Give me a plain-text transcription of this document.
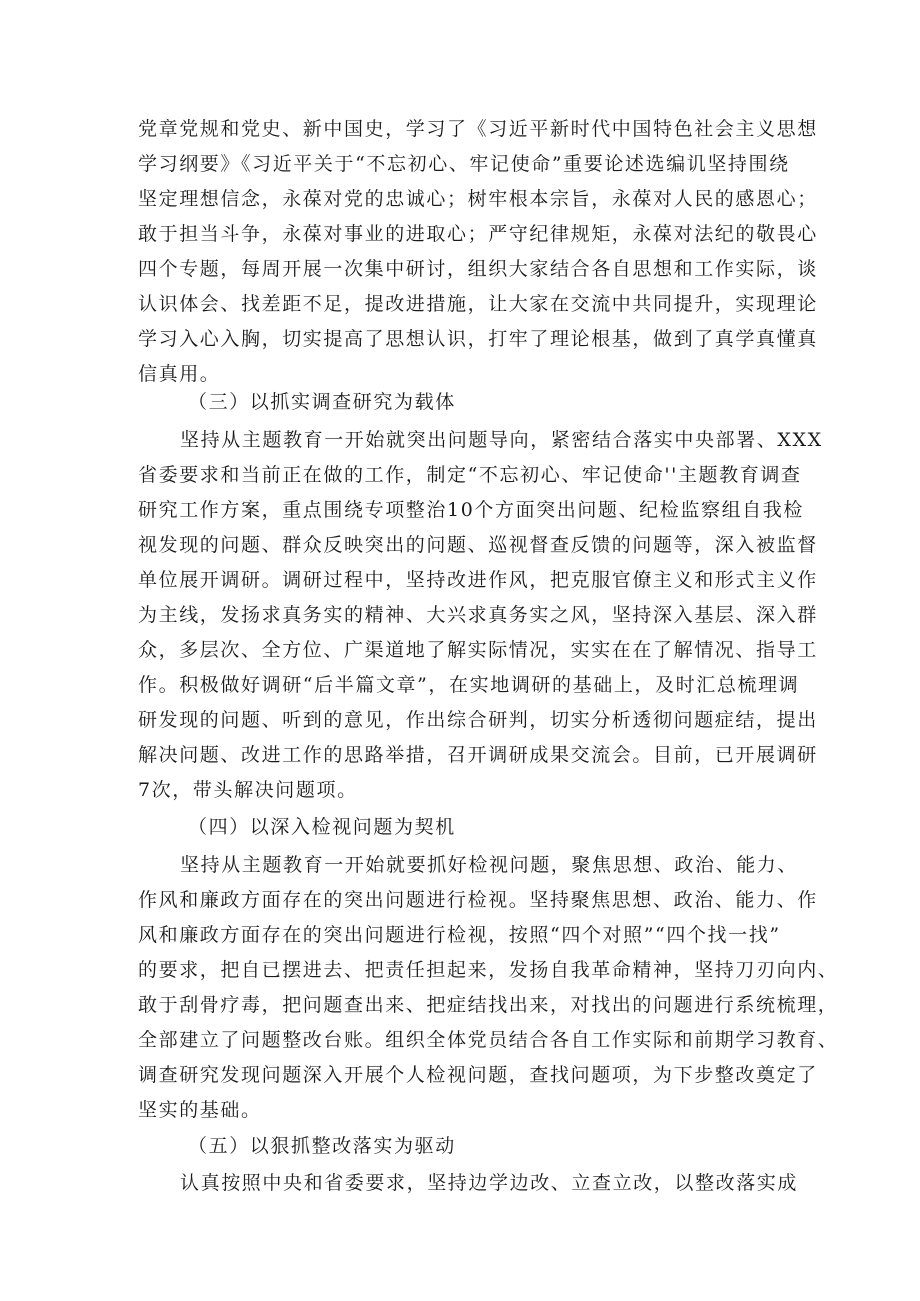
党章党规和党史、新中国史，学习了《习近平新时代中国特色社会主义思想
学习纲要》《习近平关于“不忘初心、牢记使命”重要论述选编讥坚持围绕
坚定理想信念，永葆对党的忠诚心；树牢根本宗旨，永葆对人民的感恩心；
敢于担当斗争，永葆对事业的进取心；严守纪律规矩，永葆对法纪的敬畏心
四个专题，每周开展一次集中研讨，组织大家结合各自思想和工作实际，谈
认识体会、找差距不足，提改进措施，让大家在交流中共同提升，实现理论
学习入心入胸，切实提高了思想认识，打牢了理论根基，做到了真学真懂真
信真用。
（三）以抓实调查研究为载体
坚持从主题教育一开始就突出问题导向，紧密结合落实中央部署、XXX
省委要求和当前正在做的工作，制定“不忘初心、牢记使命''主题教育调查
研究工作方案，重点围绕专项整治10个方面突出问题、纪检监察组自我检
视发现的问题、群众反映突出的问题、巡视督查反馈的问题等，深入被监督
单位展开调研。调研过程中，坚持改进作风，把克服官僚主义和形式主义作
为主线，发扬求真务实的精神、大兴求真务实之风，坚持深入基层、深入群
众，多层次、全方位、广渠道地了解实际情况，实实在在了解情况、指导工
作。积极做好调研“后半篇文章”，在实地调研的基础上，及时汇总梳理调
研发现的问题、听到的意见，作出综合研判，切实分析透彻问题症结，提出
解决问题、改进工作的思路举措，召开调研成果交流会。目前，已开展调研
7次，带头解决问题项。
（四）以深入检视问题为契机
坚持从主题教育一开始就要抓好检视问题，聚焦思想、政治、能力、
作风和廉政方面存在的突出问题进行检视。坚持聚焦思想、政治、能力、作
风和廉政方面存在的突出问题进行检视，按照“四个对照”“四个找一找”
的要求，把自已摆进去、把责任担起来，发扬自我革命精神，坚持刀刃向内、
敢于刮骨疗毒，把问题查出来、把症结找出来，对找出的问题进行系统梳理，
全部建立了问题整改台账。组织全体党员结合各自工作实际和前期学习教育、
调查研究发现问题深入开展个人检视问题，查找问题项，为下步整改奠定了
坚实的基础。
（五）以狠抓整改落实为驱动
认真按照中央和省委要求，坚持边学边改、立查立改，以整改落实成
